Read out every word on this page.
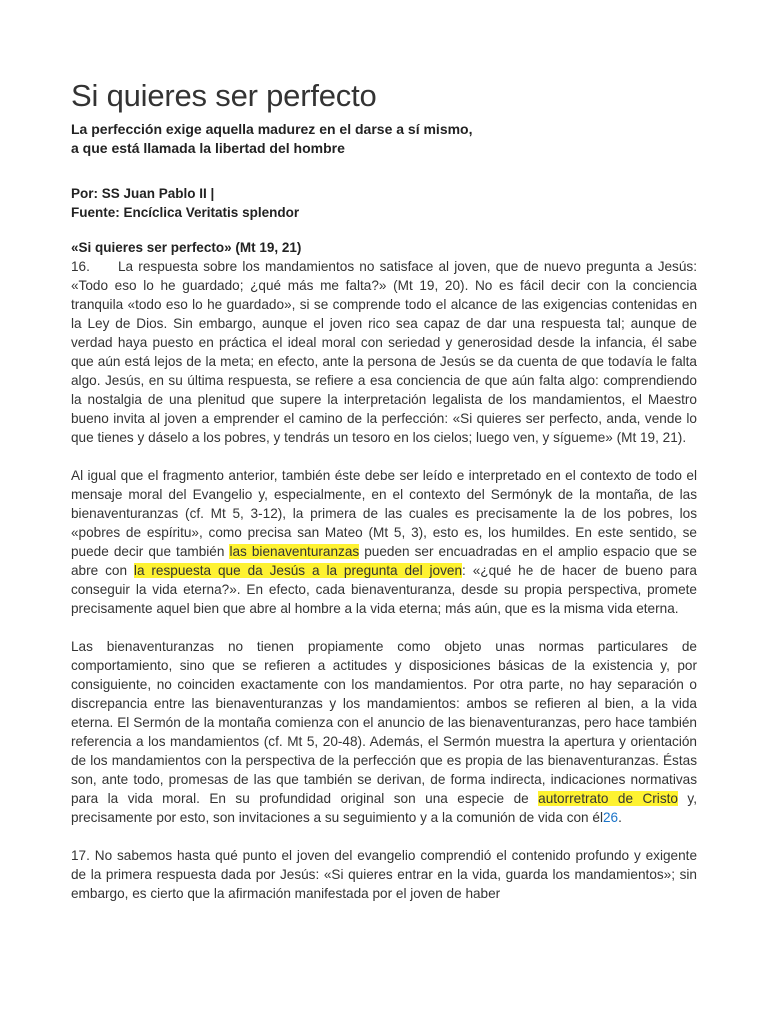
Si quieres ser perfecto
La perfección exige aquella madurez en el darse a sí mismo,
a que está llamada la libertad del hombre
Por: SS Juan Pablo II |
Fuente: Encíclica Veritatis splendor
«Si quieres ser perfecto» (Mt 19, 21)

16. La respuesta sobre los mandamientos no satisface al joven, que de nuevo pregunta a Jesús: «Todo eso lo he guardado; ¿qué más me falta?» (Mt 19, 20). No es fácil decir con la conciencia tranquila «todo eso lo he guardado», si se comprende todo el alcance de las exigencias contenidas en la Ley de Dios. Sin embargo, aunque el joven rico sea capaz de dar una respuesta tal; aunque de verdad haya puesto en práctica el ideal moral con seriedad y generosidad desde la infancia, él sabe que aún está lejos de la meta; en efecto, ante la persona de Jesús se da cuenta de que todavía le falta algo. Jesús, en su última respuesta, se refiere a esa conciencia de que aún falta algo: comprendiendo la nostalgia de una plenitud que supere la interpretación legalista de los mandamientos, el Maestro bueno invita al joven a emprender el camino de la perfección: «Si quieres ser perfecto, anda, vende lo que tienes y dáselo a los pobres, y tendrás un tesoro en los cielos; luego ven, y sígueme» (Mt 19, 21).

Al igual que el fragmento anterior, también éste debe ser leído e interpretado en el contexto de todo el mensaje moral del Evangelio y, especialmente, en el contexto del Sermónyk de la montaña, de las bienaventuranzas (cf. Mt 5, 3-12), la primera de las cuales es precisamente la de los pobres, los «pobres de espíritu», como precisa san Mateo (Mt 5, 3), esto es, los humildes. En este sentido, se puede decir que también las bienaventuranzas pueden ser encuadradas en el amplio espacio que se abre con la respuesta que da Jesús a la pregunta del joven: «¿qué he de hacer de bueno para conseguir la vida eterna?». En efecto, cada bienaventuranza, desde su propia perspectiva, promete precisamente aquel bien que abre al hombre a la vida eterna; más aún, que es la misma vida eterna.

Las bienaventuranzas no tienen propiamente como objeto unas normas particulares de comportamiento, sino que se refieren a actitudes y disposiciones básicas de la existencia y, por consiguiente, no coinciden exactamente con los mandamientos. Por otra parte, no hay separación o discrepancia entre las bienaventuranzas y los mandamientos: ambos se refieren al bien, a la vida eterna. El Sermón de la montaña comienza con el anuncio de las bienaventuranzas, pero hace también referencia a los mandamientos (cf. Mt 5, 20-48). Además, el Sermón muestra la apertura y orientación de los mandamientos con la perspectiva de la perfección que es propia de las bienaventuranzas. Éstas son, ante todo, promesas de las que también se derivan, de forma indirecta, indicaciones normativas para la vida moral. En su profundidad original son una especie de autorretrato de Cristo y, precisamente por esto, son invitaciones a su seguimiento y a la comunión de vida con él26.

17. No sabemos hasta qué punto el joven del evangelio comprendió el contenido profundo y exigente de la primera respuesta dada por Jesús: «Si quieres entrar en la vida, guarda los mandamientos»; sin embargo, es cierto que la afirmación manifestada por el joven de haber
